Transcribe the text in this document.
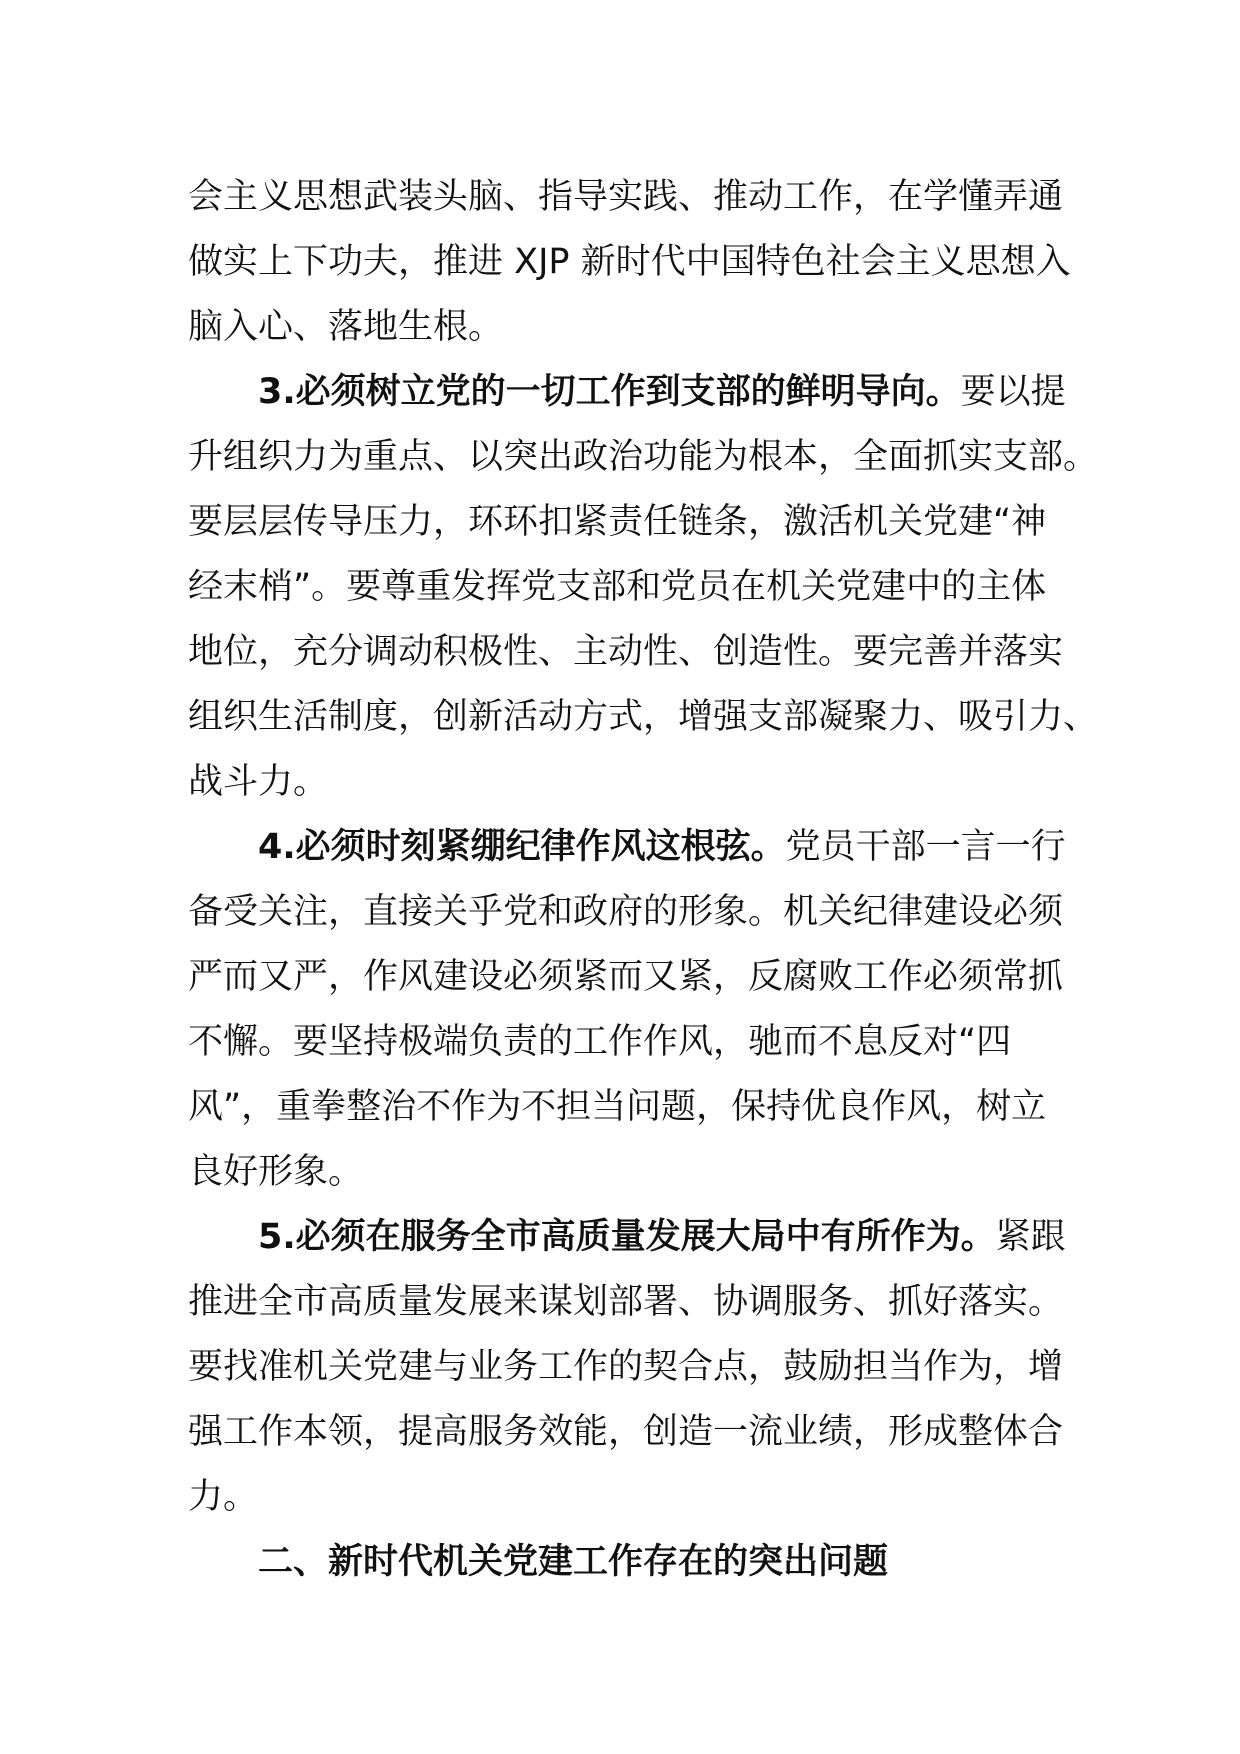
会主义思想武装头脑、指导实践、推动工作，在学懂弄通
做实上下功夫，推进 XJP 新时代中国特色社会主义思想入
脑入心、落地生根。
3.必须树立党的一切工作到支部的鲜明导向。要以提
升组织力为重点、以突出政治功能为根本，全面抓实支部。
要层层传导压力，环环扣紧责任链条，激活机关党建“神
经末梢”。要尊重发挥党支部和党员在机关党建中的主体
地位，充分调动积极性、主动性、创造性。要完善并落实
组织生活制度，创新活动方式，增强支部凝聚力、吸引力、
战斗力。
4.必须时刻紧绷纪律作风这根弦。党员干部一言一行
备受关注，直接关乎党和政府的形象。机关纪律建设必须
严而又严，作风建设必须紧而又紧，反腐败工作必须常抓
不懈。要坚持极端负责的工作作风，驰而不息反对“四
风”，重拳整治不作为不担当问题，保持优良作风，树立
良好形象。
5.必须在服务全市高质量发展大局中有所作为。紧跟
推进全市高质量发展来谋划部署、协调服务、抓好落实。
要找准机关党建与业务工作的契合点，鼓励担当作为，增
强工作本领，提高服务效能，创造一流业绩，形成整体合
力。
二、新时代机关党建工作存在的突出问题
